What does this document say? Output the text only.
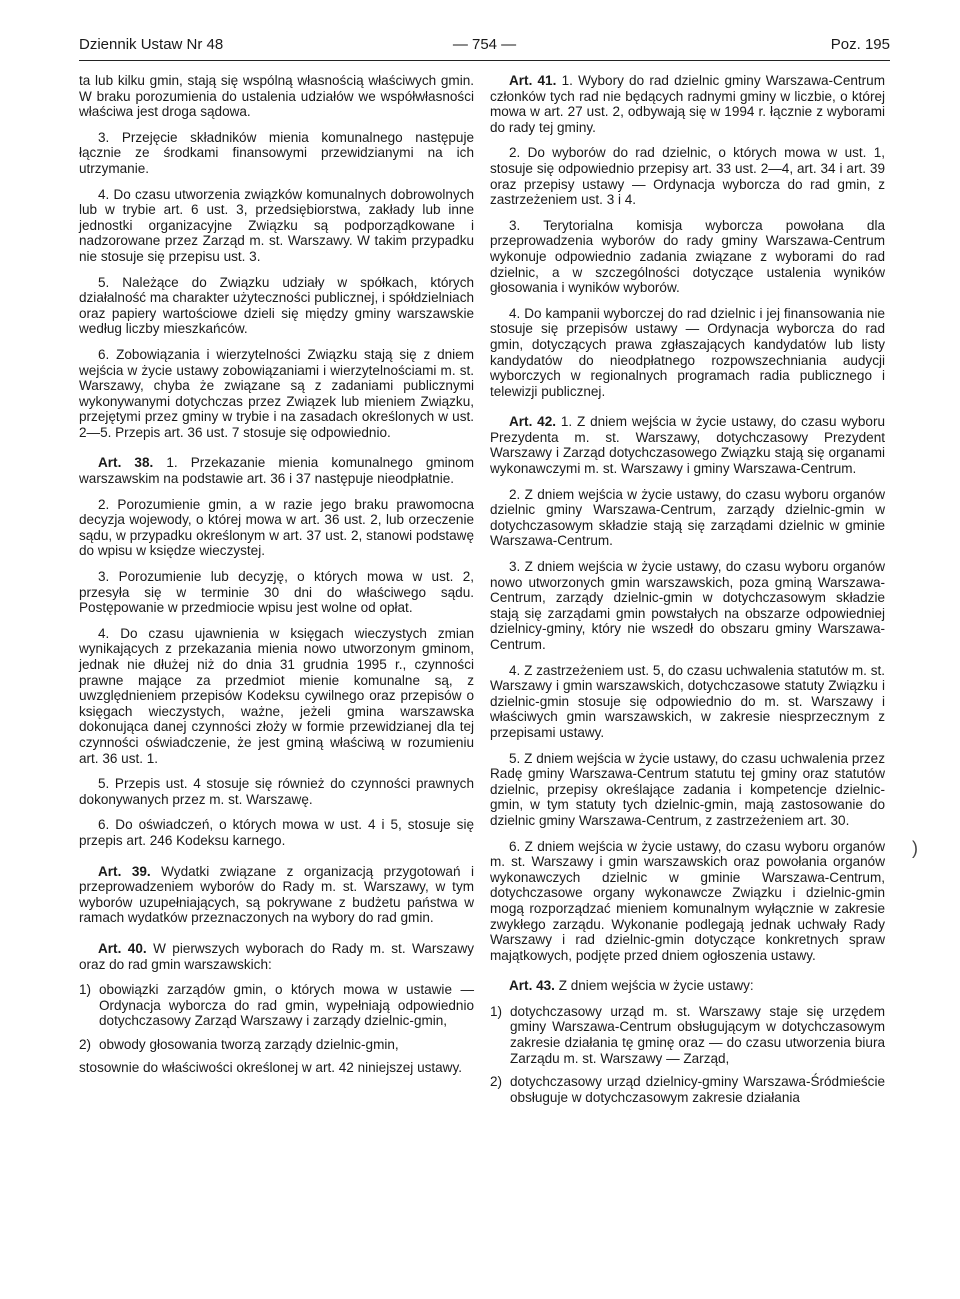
Dziennik Ustaw Nr 48	— 754 —	Poz. 195

ta lub kilku gmin, stają się wspólną własnością właściwych gmin. W braku porozumienia do ustalenia udziałów we współwłasności właściwa jest droga sądowa.

3. Przejęcie składników mienia komunalnego następuje łącznie ze środkami finansowymi przewidzianymi na ich utrzymanie.

4. Do czasu utworzenia związków komunalnych dobrowolnych lub w trybie art. 6 ust. 3, przedsiębiorstwa, zakłady lub inne jednostki organizacyjne Związku są podporządkowane i nadzorowane przez Zarząd m. st. Warszawy. W takim przypadku nie stosuje się przepisu ust. 3.

5. Należące do Związku udziały w spółkach, których działalność ma charakter użyteczności publicznej, i spółdzielniach oraz papiery wartościowe dzieli się między gminy warszawskie według liczby mieszkańców.

6. Zobowiązania i wierzytelności Związku stają się z dniem wejścia w życie ustawy zobowiązaniami i wierzytelnościami m. st. Warszawy, chyba że związane są z zadaniami publicznymi wykonywanymi dotychczas przez Związek lub mieniem Związku, przejętymi przez gminy w trybie i na zasadach określonych w ust. 2—5. Przepis art. 36 ust. 7 stosuje się odpowiednio.

Art. 38. 1. Przekazanie mienia komunalnego gminom warszawskim na podstawie art. 36 i 37 następuje nieodpłatnie.

2. Porozumienie gmin, a w razie jego braku prawomocna decyzja wojewody, o której mowa w art. 36 ust. 2, lub orzeczenie sądu, w przypadku określonym w art. 37 ust. 2, stanowi podstawę do wpisu w księdze wieczystej.

3. Porozumienie lub decyzję, o których mowa w ust. 2, przesyła się w terminie 30 dni do właściwego sądu. Postępowanie w przedmiocie wpisu jest wolne od opłat.

4. Do czasu ujawnienia w księgach wieczystych zmian wynikających z przekazania mienia nowo utworzonym gminom, jednak nie dłużej niż do dnia 31 grudnia 1995 r., czynności prawne mające za przedmiot mienie komunalne są, z uwzględnieniem przepisów Kodeksu cywilnego oraz przepisów o księgach wieczystych, ważne, jeżeli gmina warszawska dokonująca danej czynności złoży w formie przewidzianej dla tej czynności oświadczenie, że jest gminą właściwą w rozumieniu art. 36 ust. 1.

5. Przepis ust. 4 stosuje się również do czynności prawnych dokonywanych przez m. st. Warszawę.

6. Do oświadczeń, o których mowa w ust. 4 i 5, stosuje się przepis art. 246 Kodeksu karnego.

Art. 39. Wydatki związane z organizacją przygotowań i przeprowadzeniem wyborów do Rady m. st. Warszawy, w tym wyborów uzupełniających, są pokrywane z budżetu państwa w ramach wydatków przeznaczonych na wybory do rad gmin.

Art. 40. W pierwszych wyborach do Rady m. st. Warszawy oraz do rad gmin warszawskich:

1) obowiązki zarządów gmin, o których mowa w ustawie — Ordynacja wyborcza do rad gmin, wypełniają odpowiednio dotychczasowy Zarząd Warszawy i zarządy dzielnic-gmin,
2) obwody głosowania tworzą zarządy dzielnic-gmin,

stosownie do właściwości określonej w art. 42 niniejszej ustawy.

Art. 41. 1. Wybory do rad dzielnic gminy Warszawa-Centrum członków tych rad nie będących radnymi gminy w liczbie, o której mowa w art. 27 ust. 2, odbywają się w 1994 r. łącznie z wyborami do rady tej gminy.

2. Do wyborów do rad dzielnic, o których mowa w ust. 1, stosuje się odpowiednio przepisy art. 33 ust. 2—4, art. 34 i art. 39 oraz przepisy ustawy — Ordynacja wyborcza do rad gmin, z zastrzeżeniem ust. 3 i 4.

3. Terytorialna komisja wyborcza powołana dla przeprowadzenia wyborów do rady gminy Warszawa-Centrum wykonuje odpowiednio zadania związane z wyborami do rad dzielnic, a w szczególności dotyczące ustalenia wyników głosowania i wyników wyborów.

4. Do kampanii wyborczej do rad dzielnic i jej finansowania nie stosuje się przepisów ustawy — Ordynacja wyborcza do rad gmin, dotyczących prawa zgłaszających kandydatów lub listy kandydatów do nieodpłatnego rozpowszechniania audycji wyborczych w regionalnych programach radia publicznego i telewizji publicznej.

Art. 42. 1. Z dniem wejścia w życie ustawy, do czasu wyboru Prezydenta m. st. Warszawy, dotychczasowy Prezydent Warszawy i Zarząd dotychczasowego Związku stają się organami wykonawczymi m. st. Warszawy i gminy Warszawa-Centrum.

2. Z dniem wejścia w życie ustawy, do czasu wyboru organów dzielnic gminy Warszawa-Centrum, zarządy dzielnic-gmin w dotychczasowym składzie stają się zarządami dzielnic w gminie Warszawa-Centrum.

3. Z dniem wejścia w życie ustawy, do czasu wyboru organów nowo utworzonych gmin warszawskich, poza gminą Warszawa-Centrum, zarządy dzielnic-gmin w dotychczasowym składzie stają się zarządami gmin powstałych na obszarze odpowiedniej dzielnicy-gminy, który nie wszedł do obszaru gminy Warszawa-Centrum.

4. Z zastrzeżeniem ust. 5, do czasu uchwalenia statutów m. st. Warszawy i gmin warszawskich, dotychczasowe statuty Związku i dzielnic-gmin stosuje się odpowiednio do m. st. Warszawy i właściwych gmin warszawskich, w zakresie niesprzecznym z przepisami ustawy.

5. Z dniem wejścia w życie ustawy, do czasu uchwalenia przez Radę gminy Warszawa-Centrum statutu tej gminy oraz statutów dzielnic, przepisy określające zadania i kompetencje dzielnic-gmin, w tym statuty tych dzielnic-gmin, mają zastosowanie do dzielnic gminy Warszawa-Centrum, z zastrzeżeniem art. 30.

6. Z dniem wejścia w życie ustawy, do czasu wyboru organów m. st. Warszawy i gmin warszawskich oraz powołania organów wykonawczych dzielnic w gminie Warszawa-Centrum, dotychczasowe organy wykonawcze Związku i dzielnic-gmin mogą rozporządzać mieniem komunalnym wyłącznie w zakresie zwykłego zarządu. Wykonanie podlegają jednak uchwały Rady Warszawy i rad dzielnic-gmin dotyczące konkretnych spraw majątkowych, podjęte przed dniem ogłoszenia ustawy.

Art. 43. Z dniem wejścia w życie ustawy:

1) dotychczasowy urząd m. st. Warszawy staje się urzędem gminy Warszawa-Centrum obsługującym w dotychczasowym zakresie działania tę gminę oraz — do czasu utworzenia biura Zarządu m. st. Warszawy — Zarząd,
2) dotychczasowy urząd dzielnicy-gminy Warszawa-Śródmieście obsługuje w dotychczasowym zakresie działania
)
